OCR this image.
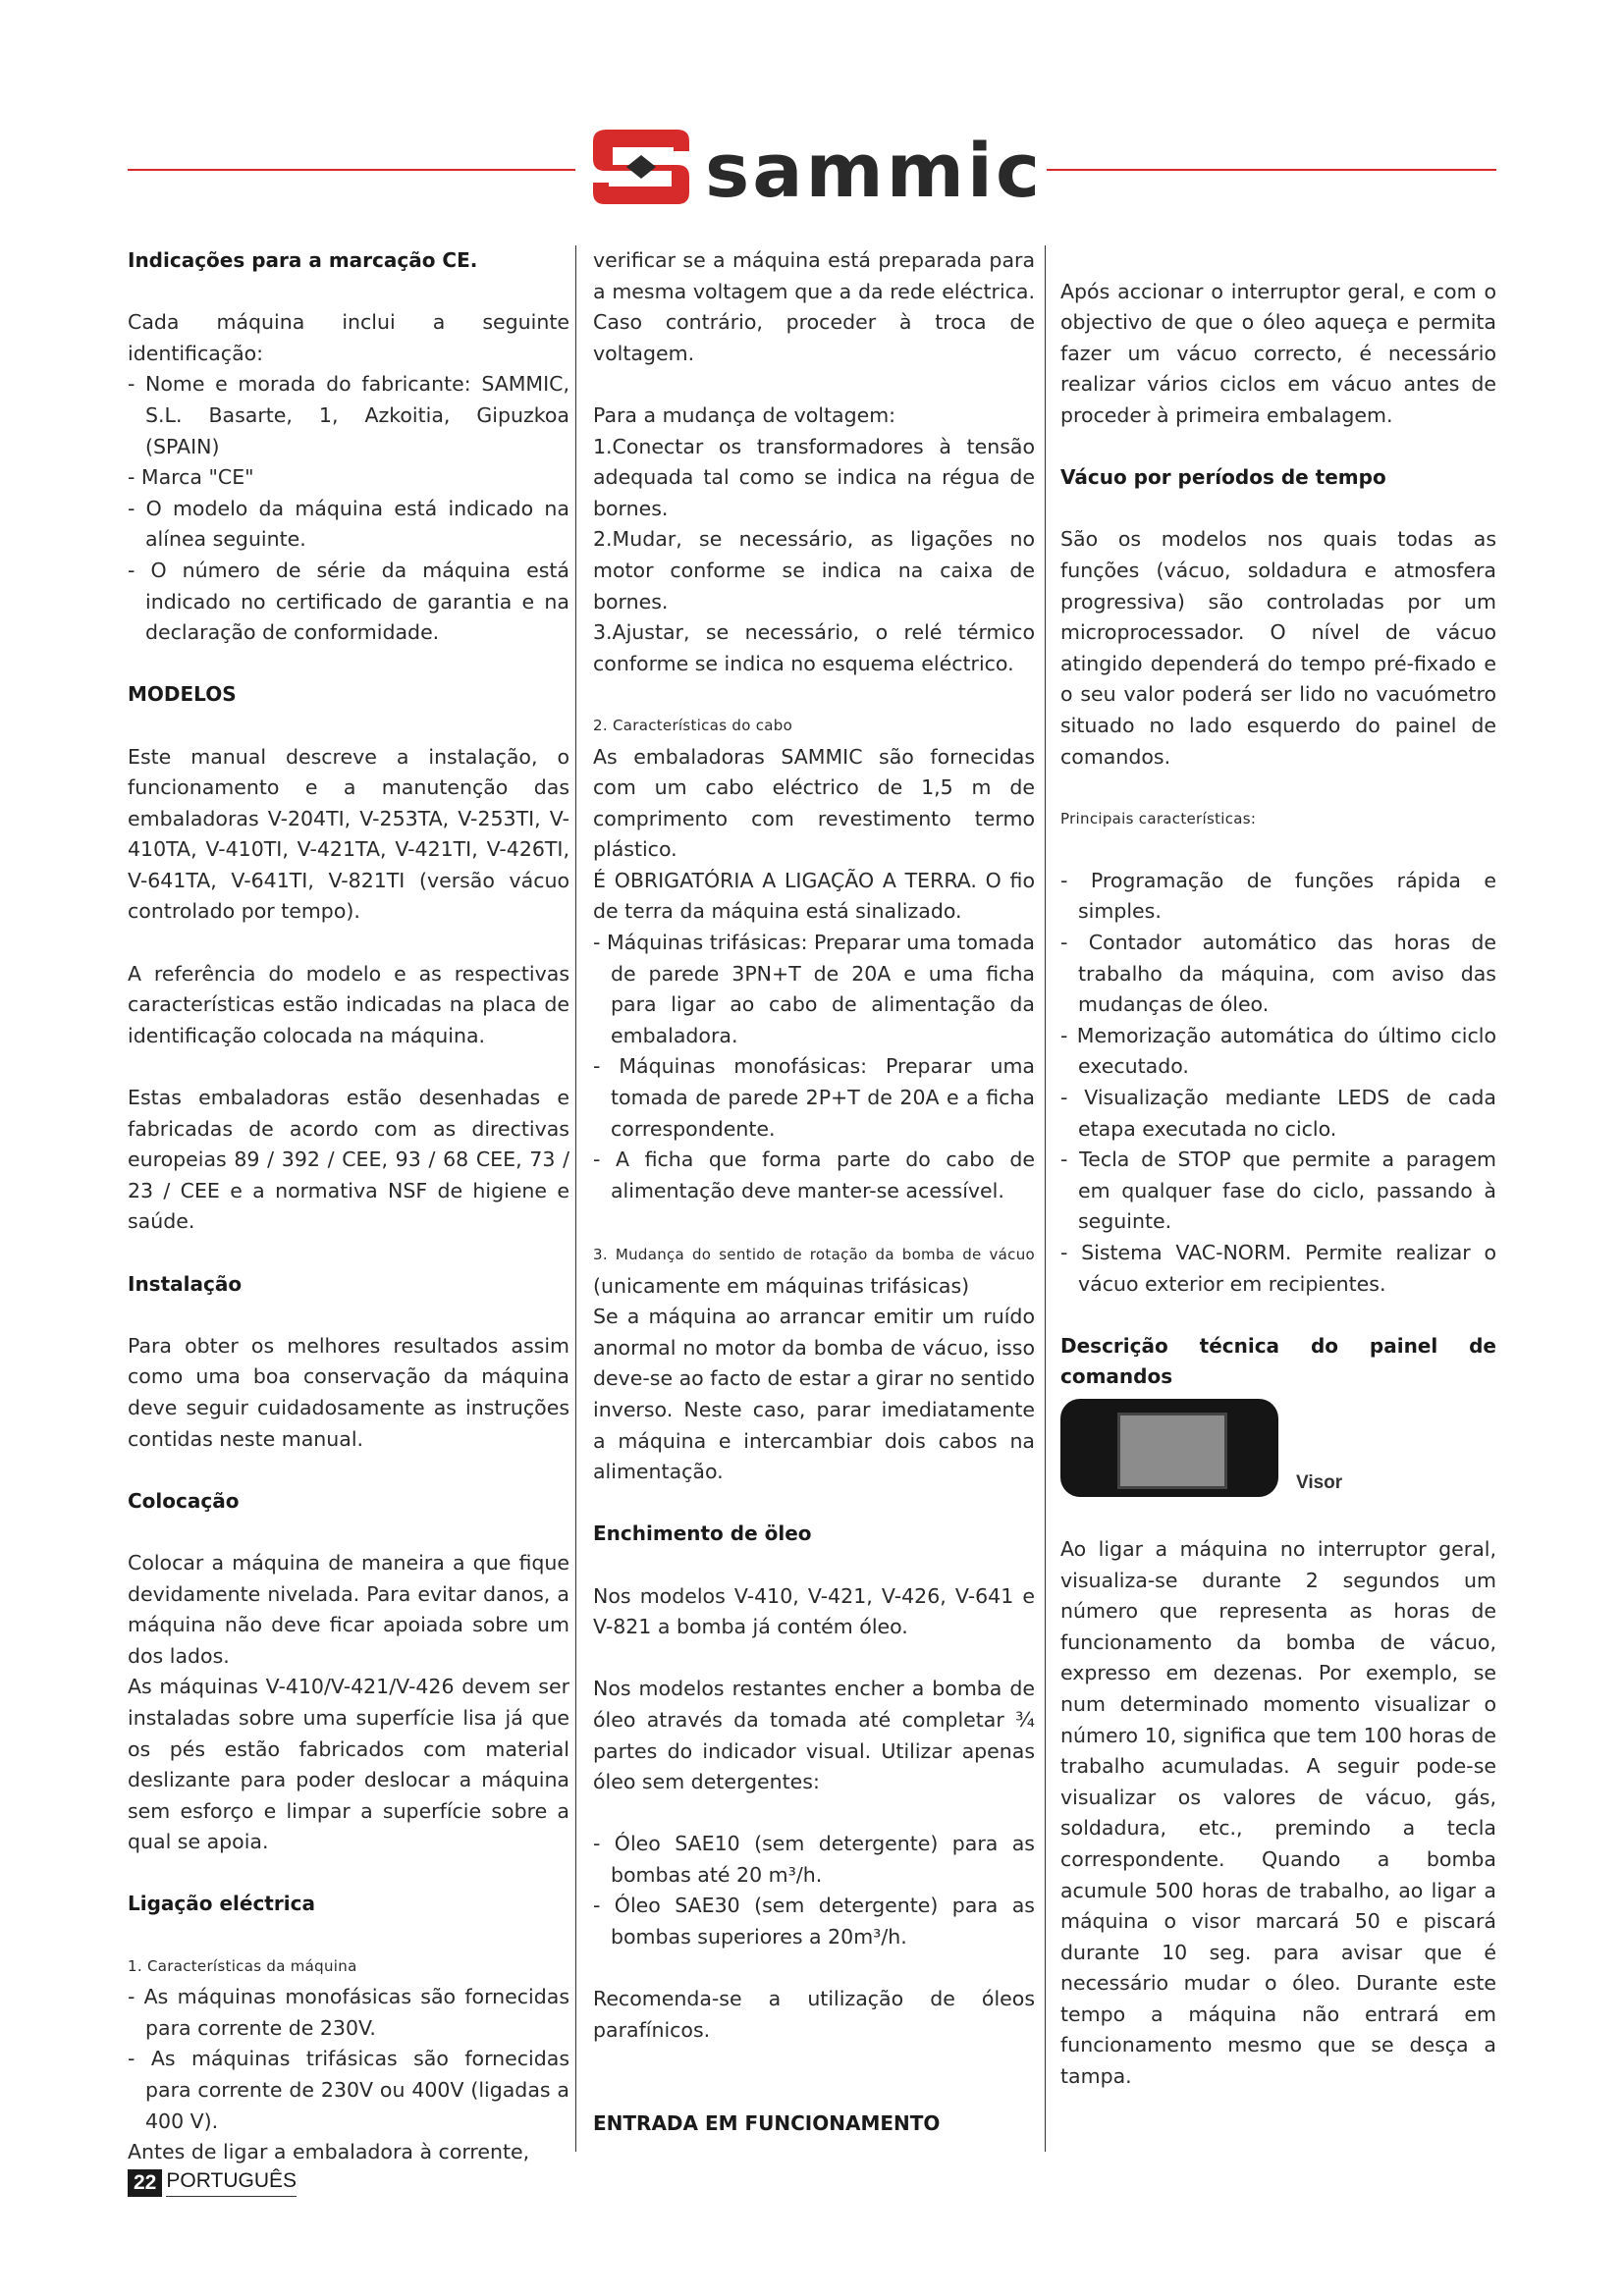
sammic

Indicações para a marcação CE.

Cada máquina inclui a seguinte identificação:

- Nome e morada do fabricante: SAMMIC, S.L. Basarte, 1, Azkoitia, Gipuzkoa (SPAIN)

- Marca "CE"

- O modelo da máquina está indicado na alínea seguinte.

- O número de série da máquina está indicado no certificado de garantia e na declaração de conformidade.

MODELOS

Este manual descreve a instalação, o funcionamento e a manutenção das embaladoras V-204TI, V-253TA, V-253TI, V-410TA, V-410TI, V-421TA, V-421TI, V-426TI, V-641TA, V-641TI, V-821TI (versão vácuo controlado por tempo).

A referência do modelo e as respectivas características estão indicadas na placa de identificação colocada na máquina.

Estas embaladoras estão desenhadas e fabricadas de acordo com as directivas europeias 89 / 392 / CEE, 93 / 68 CEE, 73 / 23 / CEE e a normativa NSF de higiene e saúde.

Instalação

Para obter os melhores resultados assim como uma boa conservação da máquina deve seguir cuidadosamente as instruções contidas neste manual.

Colocação

Colocar a máquina de maneira a que fique devidamente nivelada. Para evitar danos, a máquina não deve ficar apoiada sobre um dos lados.

As máquinas V-410/V-421/V-426 devem ser instaladas sobre uma superfície lisa já que os pés estão fabricados com material deslizante para poder deslocar a máquina sem esforço e limpar a superfície sobre a qual se apoia.

Ligação eléctrica

1. Características da máquina

- As máquinas monofásicas são fornecidas para corrente de 230V.

- As máquinas trifásicas são fornecidas para corrente de 230V ou 400V (ligadas a 400 V).

Antes de ligar a embaladora à corrente,

verificar se a máquina está preparada para a mesma voltagem que a da rede eléctrica. Caso contrário, proceder à troca de voltagem.

Para a mudança de voltagem:

1.Conectar os transformadores à tensão adequada tal como se indica na régua de bornes.

2.Mudar, se necessário, as ligações no motor conforme se indica na caixa de bornes.

3.Ajustar, se necessário, o relé térmico conforme se indica no esquema eléctrico.

2. Características do cabo

As embaladoras SAMMIC são fornecidas com um cabo eléctrico de 1,5 m de comprimento com revestimento termo plástico.

É OBRIGATÓRIA A LIGAÇÃO A TERRA. O fio de terra da máquina está sinalizado.

- Máquinas trifásicas: Preparar uma tomada de parede 3PN+T de 20A e uma ficha para ligar ao cabo de alimentação da embaladora.

- Máquinas monofásicas: Preparar uma tomada de parede 2P+T de 20A e a ficha correspondente.

- A ficha que forma parte do cabo de alimentação deve manter-se acessível.

3. Mudança do sentido de rotação da bomba de vácuo (unicamente em máquinas trifásicas)

Se a máquina ao arrancar emitir um ruído anormal no motor da bomba de vácuo, isso deve-se ao facto de estar a girar no sentido inverso. Neste caso, parar imediatamente a máquina e intercambiar dois cabos na alimentação.

Enchimento de öleo

Nos modelos V-410, V-421, V-426, V-641 e V-821 a bomba já contém óleo.

Nos modelos restantes encher a bomba de óleo através da tomada até completar ¾ partes do indicador visual. Utilizar apenas óleo sem detergentes:

- Óleo SAE10 (sem detergente) para as bombas até 20 m³/h.

- Óleo SAE30 (sem detergente) para as bombas superiores a 20m³/h.

Recomenda-se a utilização de óleos parafínicos.

ENTRADA EM FUNCIONAMENTO

Após accionar o interruptor geral, e com o objectivo de que o óleo aqueça e permita fazer um vácuo correcto, é necessário realizar vários ciclos em vácuo antes de proceder à primeira embalagem.

Vácuo por períodos de tempo

São os modelos nos quais todas as funções (vácuo, soldadura e atmosfera progressiva) são controladas por um microprocessador. O nível de vácuo atingido dependerá do tempo pré-fixado e o seu valor poderá ser lido no vacuómetro situado no lado esquerdo do painel de comandos.

Principais características:

- Programação de funções rápida e simples.

- Contador automático das horas de trabalho da máquina, com aviso das mudanças de óleo.

- Memorização automática do último ciclo executado.

- Visualização mediante LEDS de cada etapa executada no ciclo.

- Tecla de STOP que permite a paragem em qualquer fase do ciclo, passando à seguinte.

- Sistema VAC-NORM. Permite realizar o vácuo exterior em recipientes.

Descrição técnica do painel de comandos

Visor

Ao ligar a máquina no interruptor geral, visualiza-se durante 2 segundos um número que representa as horas de funcionamento da bomba de vácuo, expresso em dezenas. Por exemplo, se num determinado momento visualizar o número 10, significa que tem 100 horas de trabalho acumuladas. A seguir pode-se visualizar os valores de vácuo, gás, soldadura, etc., premindo a tecla correspondente. Quando a bomba acumule 500 horas de trabalho, ao ligar a máquina o visor marcará 50 e piscará durante 10 seg. para avisar que é necessário mudar o óleo. Durante este tempo a máquina não entrará em funcionamento mesmo que se desça a tampa.

22 PORTUGUÊS
